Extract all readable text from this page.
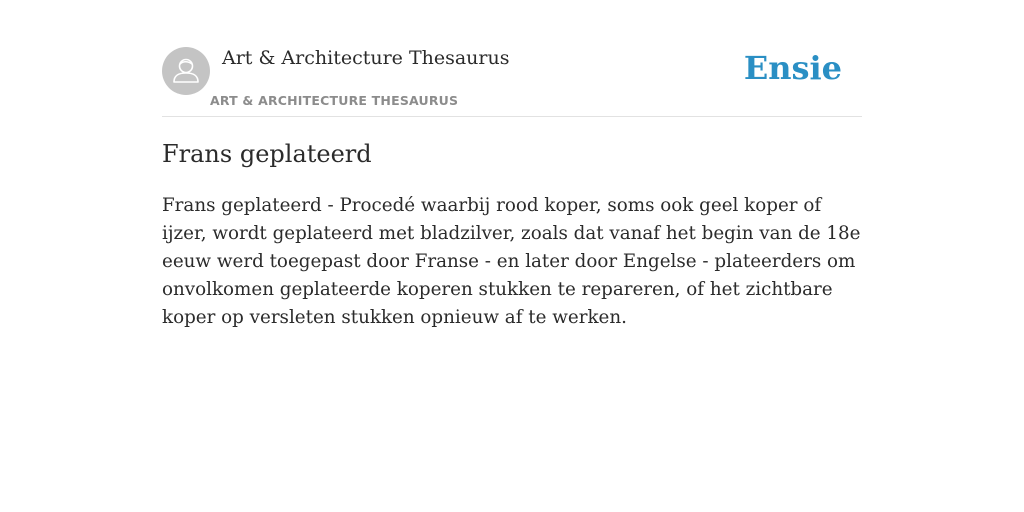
Art & Architecture Thesaurus
ART & ARCHITECTURE THESAURUS
Ensie
Frans geplateerd

Frans geplateerd - Procedé waarbij rood koper, soms ook geel koper of ijzer, wordt geplateerd met bladzilver, zoals dat vanaf het begin van de 18e eeuw werd toegepast door Franse - en later door Engelse - plateerders om onvolkomen geplateerde koperen stukken te repareren, of het zichtbare koper op versleten stukken opnieuw af te werken.
